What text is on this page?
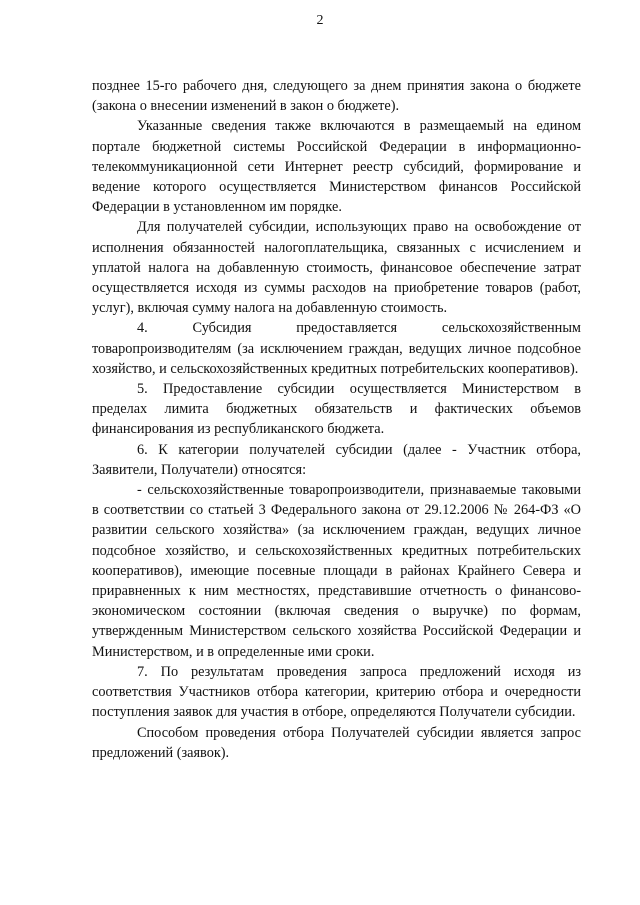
2

позднее 15-го рабочего дня, следующего за днем принятия закона о бюджете (закона о внесении изменений в закон о бюджете).

Указанные сведения также включаются в размещаемый на едином портале бюджетной системы Российской Федерации в информационно-телекоммуникационной сети Интернет реестр субсидий, формирование и ведение которого осуществляется Министерством финансов Российской Федерации в установленном им порядке.

Для получателей субсидии, использующих право на освобождение от исполнения обязанностей налогоплательщика, связанных с исчислением и уплатой налога на добавленную стоимость, финансовое обеспечение затрат осуществляется исходя из суммы расходов на приобретение товаров (работ, услуг), включая сумму налога на добавленную стоимость.

4. Субсидия предоставляется сельскохозяйственным товаропроизводителям (за исключением граждан, ведущих личное подсобное хозяйство, и сельскохозяйственных кредитных потребительских кооперативов).

5. Предоставление субсидии осуществляется Министерством в пределах лимита бюджетных обязательств и фактических объемов финансирования из республиканского бюджета.

6. К категории получателей субсидии (далее - Участник отбора, Заявители, Получатели) относятся:

- сельскохозяйственные товаропроизводители, признаваемые таковыми в соответствии со статьей 3 Федерального закона от 29.12.2006 № 264-ФЗ «О развитии сельского хозяйства» (за исключением граждан, ведущих личное подсобное хозяйство, и сельскохозяйственных кредитных потребительских кооперативов), имеющие посевные площади в районах Крайнего Севера и приравненных к ним местностях, представившие отчетность о финансово-экономическом состоянии (включая сведения о выручке) по формам, утвержденным Министерством сельского хозяйства Российской Федерации и Министерством, и в определенные ими сроки.

7. По результатам проведения запроса предложений исходя из соответствия Участников отбора категории, критерию отбора и очередности поступления заявок для участия в отборе, определяются Получатели субсидии.

Способом проведения отбора Получателей субсидии является запрос предложений (заявок).
